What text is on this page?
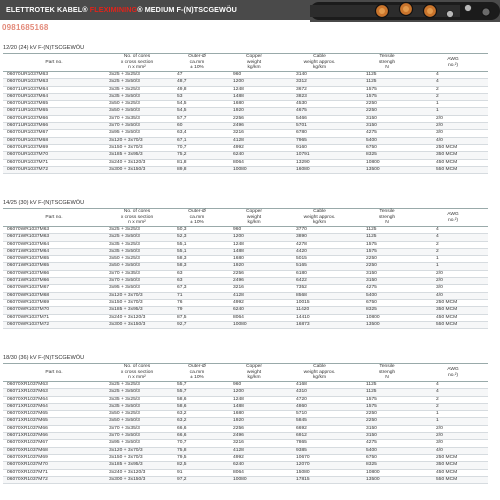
ELETTROTEK KABEL® FLEXIMINING® MEDIUM F-(N)TSCGEWÖU
0981685168
12/20 (24) kV F-(N)TSCGEWÖU
Part no.	No. of cores
x cross section
n x mm²	Outer-Ø
ca.mm
± 10%	Copper
weight
kg/km	Cable
weight approx.
kg/km	Tensile
strengh
N	AWG
no.²)
06070UR1037M63	3x25 + 3x25/3	47	960	3140	1125	4
06070UR1037M63	3x25 + 3x50/3	48,7	1200	3312	1125	4
06071UR1037M64	3x35 + 3x25/3	49,8	1248	3672	1575	2
06070UR1037M64	3x35 + 3x50/3	53	1488	3823	1575	2
06070UR1037M65	3x50 + 3x25/3	54,5	1680	4530	2250	1
06071UR1037M65	3x50 + 3x50/3	54,5	1920	4675	2250	1
06070UR1037M66	3x70 + 3x35/3	57,7	2256	5466	3150	2/0
06071UR1037M66	3x70 + 3x50/3	60	2496	5701	3150	2/0
06070UR1037M67	3x95 + 3x50/3	63,4	3216	6780	4275	3/0
06070UR1037M68	3x120 + 3x70/3	67,1	4128	7965	5400	4/0
06070UR1037M69	3x150 + 3x70/3	70,7	4992	9160	6750	250 MCM
06070UR1037M70	3x185 + 3x95/3	75,2	6240	10791	8325	350 MCM
06070UR1037M71	3x240 + 3x120/3	81,8	8064	13290	10800	450 MCM
06070UR1037M72	3x300 + 3x150/3	89,8	10080	16080	13500	550 MCM
14/25 (30) kV F-(N)TSCGEWÖU
Part no.	No. of cores
x cross section
n x mm²	Outer-Ø
ca.mm
± 10%	Copper
weight
kg/km	Cable
weight approx.
kg/km	Tensile
strengh
N	AWG
no.²)
06070WR1037M63	3x25 + 3x25/3	50,3	960	3770	1125	4
06071WR1037M63	3x25 + 3x50/3	52,3	1200	3890	1125	4
06070WR1037M64	3x35 + 3x25/3	55,1	1248	4278	1575	2
06071WR1037M64	3x35 + 3x50/3	55,1	1488	4420	1575	2
06070WR1037M65	3x50 + 3x25/3	58,3	1680	5015	2250	1
06071WR1037M65	3x50 + 3x50/3	58,3	1920	5165	2250	1
06070WR1037M66	3x70 + 3x35/3	63	2256	6180	3150	2/0
06071WR1037M66	3x70 + 3x50/3	63	2496	6422	3150	2/0
06070WR1037M67	3x95 + 3x50/3	67,3	3216	7352	4275	3/0
06070WR1037M68	3x120 + 3x70/3	71	4128	8568	5400	4/0
06070WR1037M69	3x150 + 3x70/3	76	4992	10015	6750	250 MCM
06070WR1037M70	3x185 + 3x95/3	79	6240	11420	8325	350 MCM
06070WR1037M71	3x240 + 3x120/3	87,5	8064	14410	10800	450 MCM
06070WR1037M72	3x300 + 3x150/3	92,7	10080	16873	13500	550 MCM
18/30 (36) kV F-(N)TSCGEWÖU
Part no.	No. of cores
x cross section
n x mm²	Outer-Ø
ca.mm
± 10%	Copper
weight
kg/km	Cable
weight approx.
kg/km	Tensile
strengh
N	AWG
no.²)
06070XR1037M63	3x25 + 3x25/3	55,7	960	4168	1125	4
06071XR1037M63	3x25 + 3x50/3	55,7	1200	4310	1125	4
06070XR1037M64	3x35 + 3x25/3	58,6	1248	4720	1575	2
06071XR1037M64	3x35 + 3x50/3	58,6	1488	4860	1575	2
06070XR1037M65	3x50 + 3x25/3	63,2	1680	5710	2250	1
06071XR1037M65	3x50 + 3x50/3	63,2	1920	5845	2250	1
06070XR1037M66	3x70 + 3x35/3	66,6	2256	6692	3150	2/0
06071XR1037M66	3x70 + 3x50/3	66,6	2496	6912	3150	2/0
06070XR1037M67	3x95 + 3x50/3	70,7	3216	7865	4275	3/0
06070XR1037M68	3x120 + 3x70/3	75,8	4128	9385	5400	4/0
06070XR1037M69	3x150 + 3x70/3	79,5	4992	10670	6750	250 MCM
06070XR1037M70	3x185 + 3x95/3	82,5	6240	12070	8325	350 MCM
06070XR1037M71	3x240 + 3x120/3	91	8064	15080	10800	450 MCM
06070XR1037M72	3x300 + 3x150/3	97,2	10080	17815	13500	550 MCM
